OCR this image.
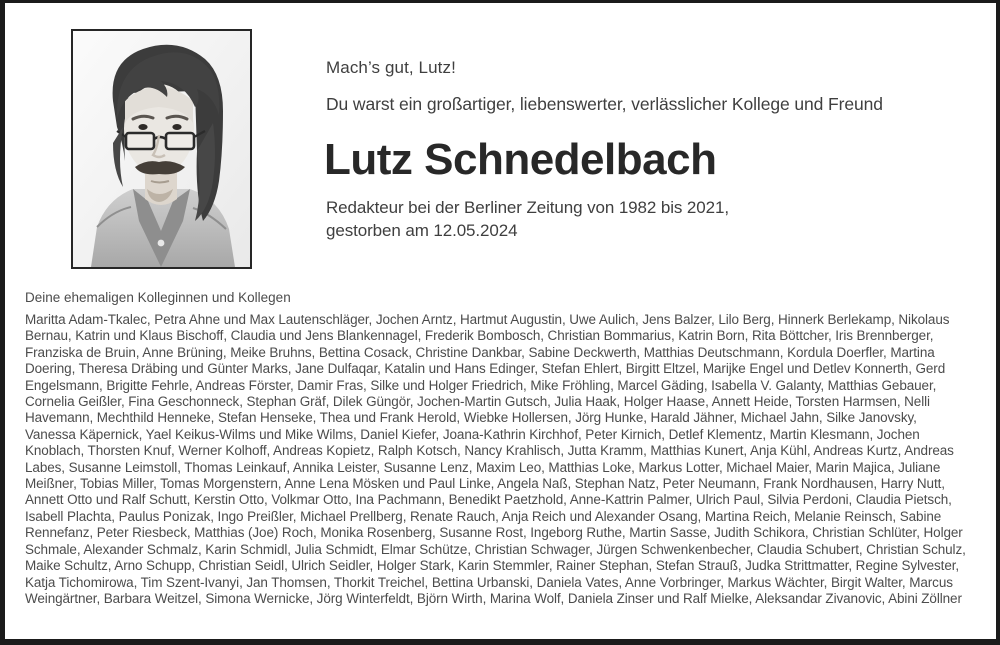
Mach’s gut, Lutz!
Du warst ein großartiger, liebenswerter, verlässlicher Kollege und Freund
Lutz Schnedelbach
Redakteur bei der Berliner Zeitung von 1982 bis 2021,
gestorben am 12.05.2024
Deine ehemaligen Kolleginnen und Kollegen
Maritta Adam-Tkalec, Petra Ahne und Max Lautenschläger, Jochen Arntz, Hartmut Augustin, Uwe Aulich, Jens Balzer, Lilo Berg, Hinnerk Berlekamp, Nikolaus Bernau, Katrin und Klaus Bischoff, Claudia und Jens Blankennagel, Frederik Bombosch, Christian Bommarius, Katrin Born, Rita Böttcher, Iris Brennberger, Franziska de Bruin, Anne Brüning, Meike Bruhns, Bettina Cosack, Christine Dankbar, Sabine Deckwerth, Matthias Deutschmann, Kordula Doerfler, Martina Doering, Theresa Dräbing und Günter Marks, Jane Dulfaqar, Katalin und Hans Edinger, Stefan Ehlert, Birgitt Eltzel, Marijke Engel und Detlev Konnerth, Gerd Engelsmann, Brigitte Fehrle, Andreas Förster, Damir Fras, Silke und Holger Friedrich, Mike Fröhling, Marcel Gäding, Isabella V. Galanty, Matthias Gebauer, Cornelia Geißler, Fina Geschonneck, Stephan Gräf, Dilek Güngör, Jochen-Martin Gutsch, Julia Haak, Holger Haase, Annett Heide, Torsten Harmsen, Nelli Havemann, Mechthild Henneke, Stefan Henseke, Thea und Frank Herold, Wiebke Hollersen, Jörg Hunke, Harald Jähner, Michael Jahn, Silke Janovsky, Vanessa Käpernick, Yael Keikus-Wilms und Mike Wilms, Daniel Kiefer, Joana-Kathrin Kirchhof, Peter Kirnich, Detlef Klementz, Martin Klesmann, Jochen Knoblach, Thorsten Knuf, Werner Kolhoff, Andreas Kopietz, Ralph Kotsch, Nancy Krahlisch, Jutta Kramm, Matthias Kunert, Anja Kühl, Andreas Kurtz, Andreas Labes, Susanne Leimstoll, Thomas Leinkauf, Annika Leister, Susanne Lenz, Maxim Leo, Matthias Loke, Markus Lotter, Michael Maier, Marin Majica, Juliane Meißner, Tobias Miller, Tomas Morgenstern, Anne Lena Mösken und Paul Linke, Angela Naß, Stephan Natz, Peter Neumann, Frank Nordhausen, Harry Nutt, Annett Otto und Ralf Schutt, Kerstin Otto, Volkmar Otto, Ina Pachmann, Benedikt Paetzhold, Anne-Kattrin Palmer, Ulrich Paul, Silvia Perdoni, Claudia Pietsch, Isabell Plachta, Paulus Ponizak, Ingo Preißler, Michael Prellberg, Renate Rauch, Anja Reich und Alexander Osang, Martina Reich, Melanie Reinsch, Sabine Rennefanz, Peter Riesbeck, Matthias (Joe) Roch, Monika Rosenberg, Susanne Rost, Ingeborg Ruthe, Martin Sasse, Judith Schikora, Christian Schlüter, Holger Schmale, Alexander Schmalz, Karin Schmidl, Julia Schmidt, Elmar Schütze, Christian Schwager, Jürgen Schwenkenbecher, Claudia Schubert, Christian Schulz, Maike Schultz, Arno Schupp, Christian Seidl, Ulrich Seidler, Holger Stark, Karin Stemmler, Rainer Stephan, Stefan Strauß, Judka Strittmatter, Regine Sylvester, Katja Tichomirowa, Tim Szent-Ivanyi, Jan Thomsen, Thorkit Treichel, Bettina Urbanski, Daniela Vates, Anne Vorbringer, Markus Wächter, Birgit Walter, Marcus Weingärtner, Barbara Weitzel, Simona Wernicke, Jörg Winterfeldt, Björn Wirth, Marina Wolf, Daniela Zinser und Ralf Mielke, Aleksandar Zivanovic, Abini Zöllner
